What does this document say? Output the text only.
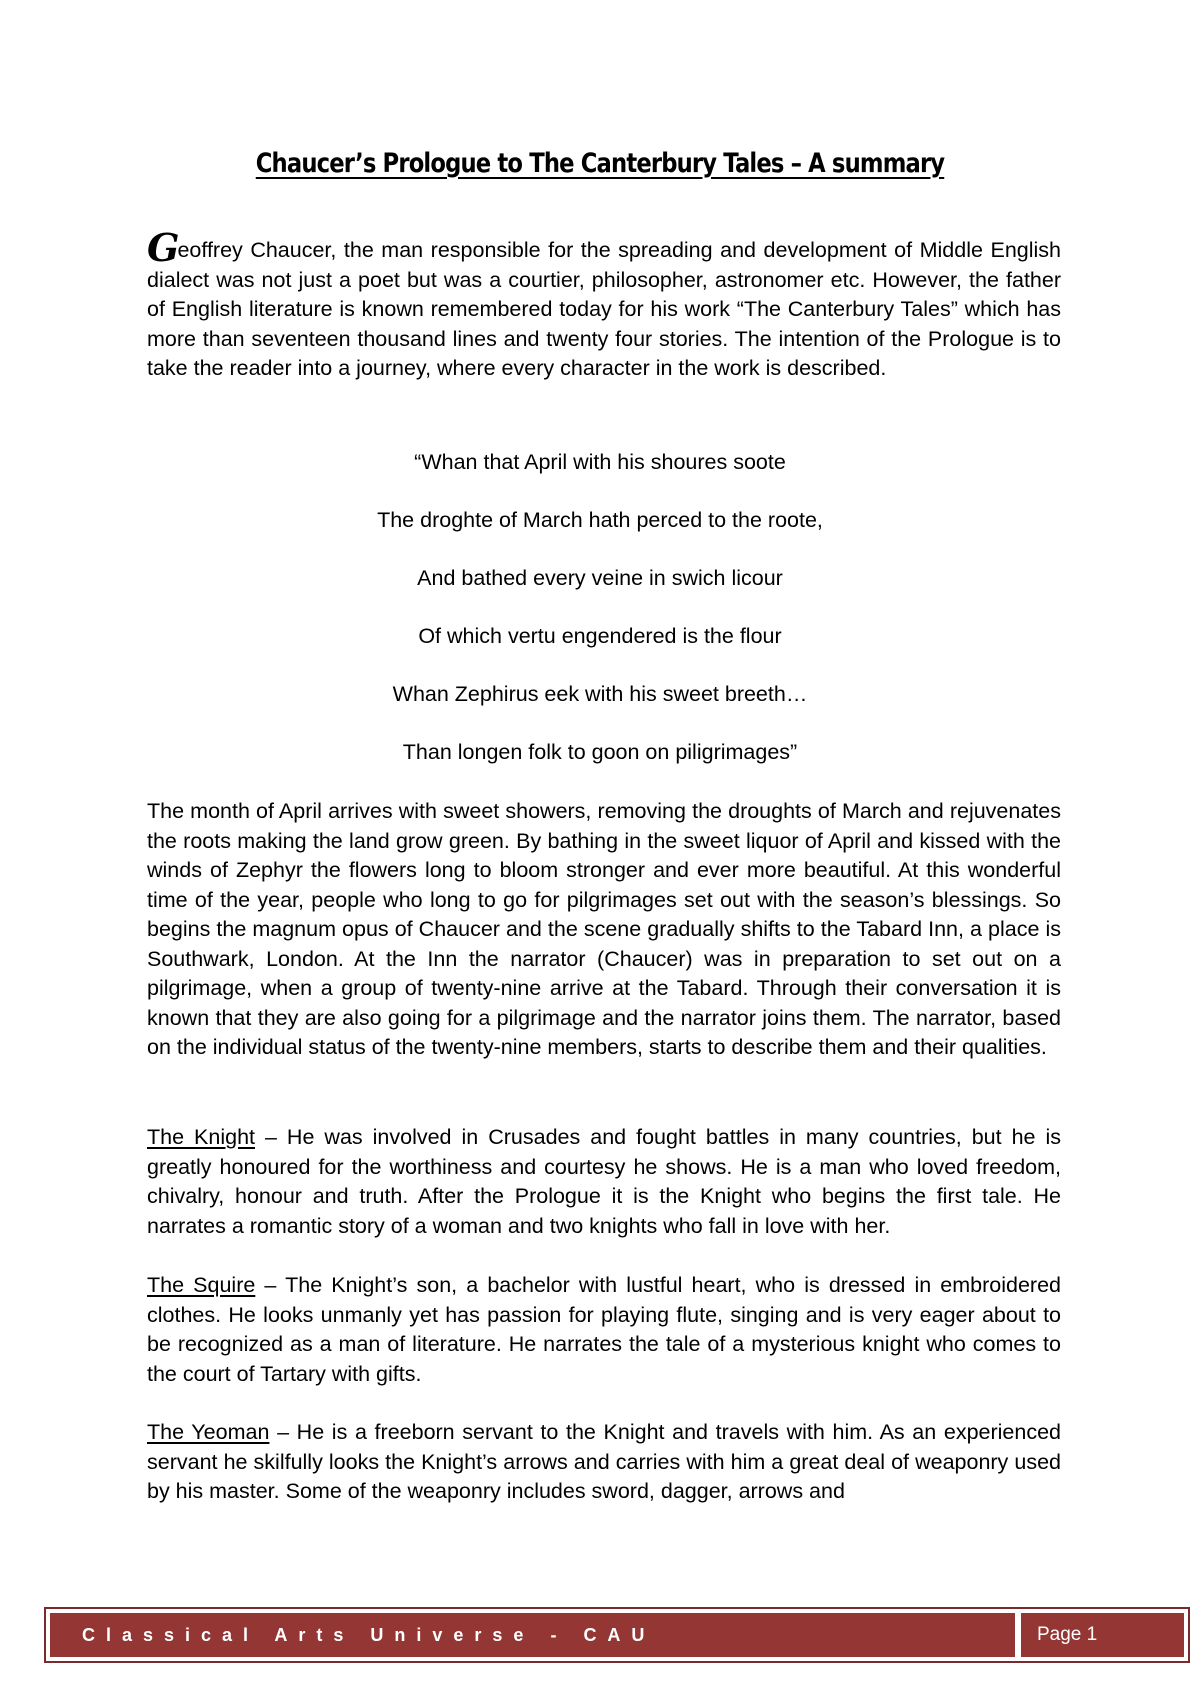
Chaucer’s Prologue to The Canterbury Tales – A summary

Geoffrey Chaucer, the man responsible for the spreading and development of Middle English dialect was not just a poet but was a courtier, philosopher, astronomer etc. However, the father of English literature is known remembered today for his work “The Canterbury Tales” which has more than seventeen thousand lines and twenty four stories. The intention of the Prologue is to take the reader into a journey, where every character in the work is described.

“Whan that April with his shoures soote

The droghte of March hath perced to the roote,

And bathed every veine in swich licour

Of which vertu engendered is the flour

Whan Zephirus eek with his sweet breeth…

Than longen folk to goon on piligrimages”

The month of April arrives with sweet showers, removing the droughts of March and rejuvenates the roots making the land grow green. By bathing in the sweet liquor of April and kissed with the winds of Zephyr the flowers long to bloom stronger and ever more beautiful. At this wonderful time of the year, people who long to go for pilgrimages set out with the season’s blessings. So begins the magnum opus of Chaucer and the scene gradually shifts to the Tabard Inn, a place is Southwark, London. At the Inn the narrator (Chaucer) was in preparation to set out on a pilgrimage, when a group of twenty-nine arrive at the Tabard. Through their conversation it is known that they are also going for a pilgrimage and the narrator joins them. The narrator, based on the individual status of the twenty-nine members, starts to describe them and their qualities.

The Knight – He was involved in Crusades and fought battles in many countries, but he is greatly honoured for the worthiness and courtesy he shows. He is a man who loved freedom, chivalry, honour and truth. After the Prologue it is the Knight who begins the first tale. He narrates a romantic story of a woman and two knights who fall in love with her.

The Squire – The Knight’s son, a bachelor with lustful heart, who is dressed in embroidered clothes. He looks unmanly yet has passion for playing flute, singing and is very eager about to be recognized as a man of literature. He narrates the tale of a mysterious knight who comes to the court of Tartary with gifts.

The Yeoman – He is a freeborn servant to the Knight and travels with him. As an experienced servant he skilfully looks the Knight’s arrows and carries with him a great deal of weaponry used by his master. Some of the weaponry includes sword, dagger, arrows and

Classical Arts Universe - CAU	Page 1
